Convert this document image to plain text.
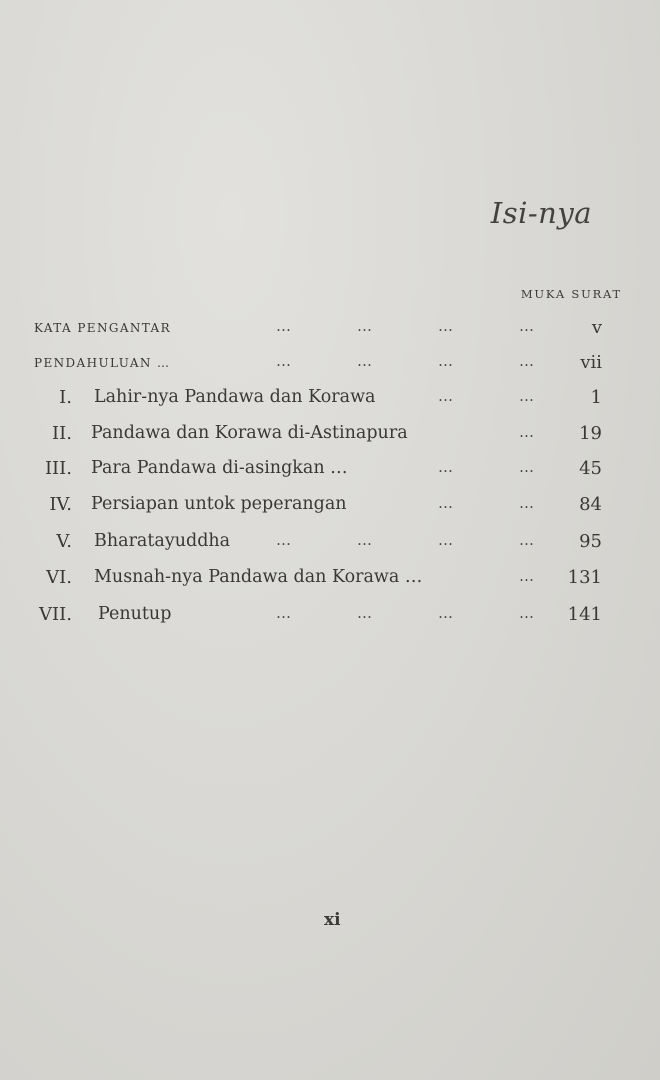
Isi-nya
MUKA SURAT
KATA PENGANTAR	…	…	…	…	v
PENDAHULUAN …	…	…	…	…	vii
I. Lahir-nya Pandawa dan Korawa	…	…	1
II. Pandawa dan Korawa di-Astinapura	… 19
III. Para Pandawa di-asingkan …	…	… 45
IV. Persiapan untok peperangan	…	… 84
V. Bharatayuddha	…	…	…	… 95
VI. Musnah-nya Pandawa dan Korawa …	… 131
VII. Penutup	…	…	…	… 141
xi
